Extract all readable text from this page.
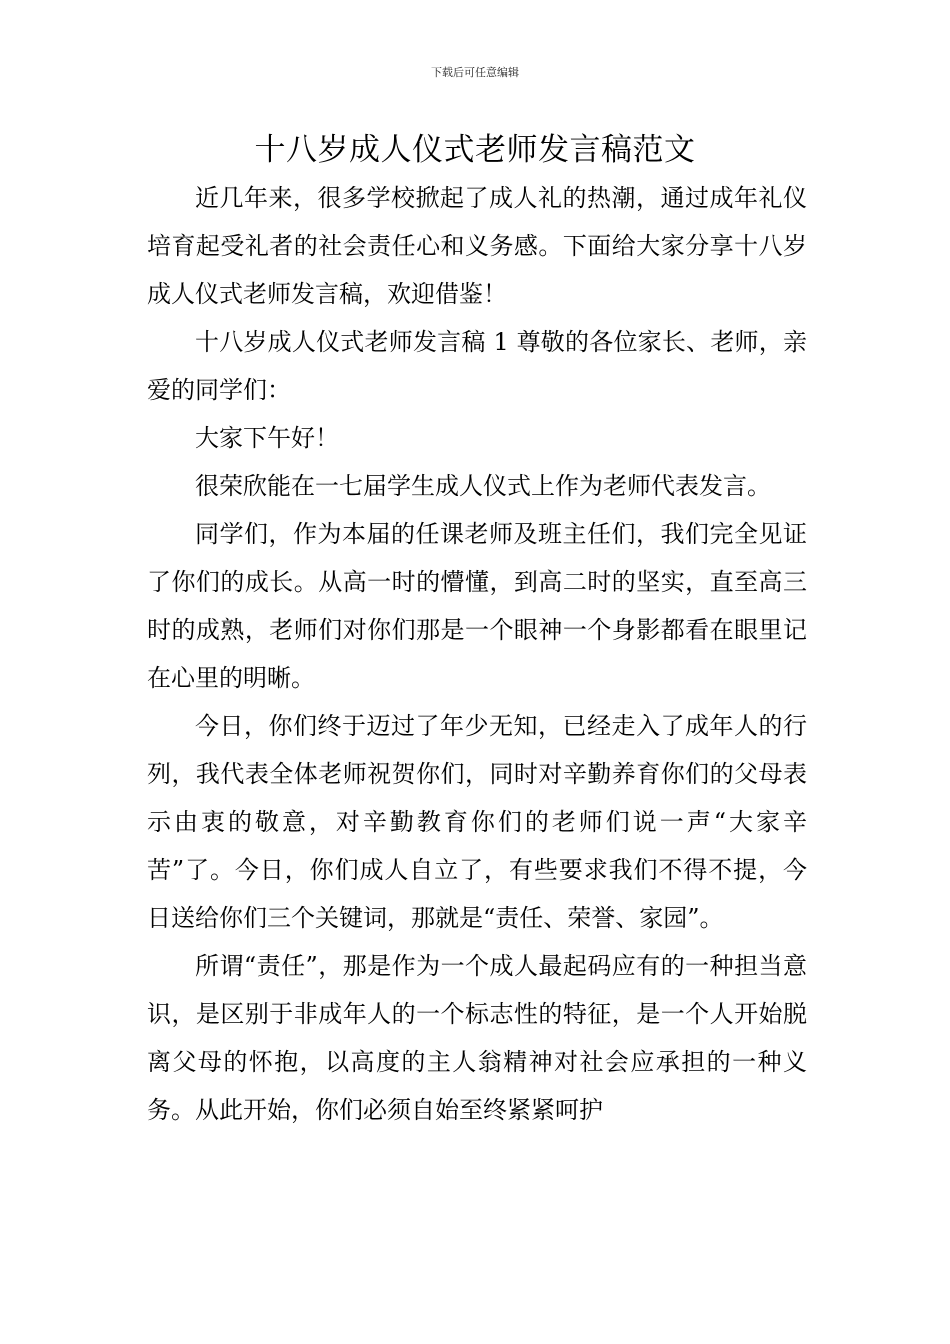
下载后可任意编辑
十八岁成人仪式老师发言稿范文

近几年来，很多学校掀起了成人礼的热潮，通过成年礼仪培育起受礼者的社会责任心和义务感。下面给大家分享十八岁成人仪式老师发言稿，欢迎借鉴！

十八岁成人仪式老师发言稿 1 尊敬的各位家长、老师，亲爱的同学们：

大家下午好！

很荣欣能在一七届学生成人仪式上作为老师代表发言。

同学们，作为本届的任课老师及班主任们，我们完全见证了你们的成长。从高一时的懵懂，到高二时的坚实，直至高三时的成熟，老师们对你们那是一个眼神一个身影都看在眼里记在心里的明晰。

今日，你们终于迈过了年少无知，已经走入了成年人的行列，我代表全体老师祝贺你们，同时对辛勤养育你们的父母表示由衷的敬意，对辛勤教育你们的老师们说一声“大家辛苦”了。今日，你们成人自立了，有些要求我们不得不提，今日送给你们三个关键词，那就是“责任、荣誉、家园”。

所谓“责任”，那是作为一个成人最起码应有的一种担当意识，是区别于非成年人的一个标志性的特征，是一个人开始脱离父母的怀抱，以高度的主人翁精神对社会应承担的一种义务。从此开始，你们必须自始至终紧紧呵护
